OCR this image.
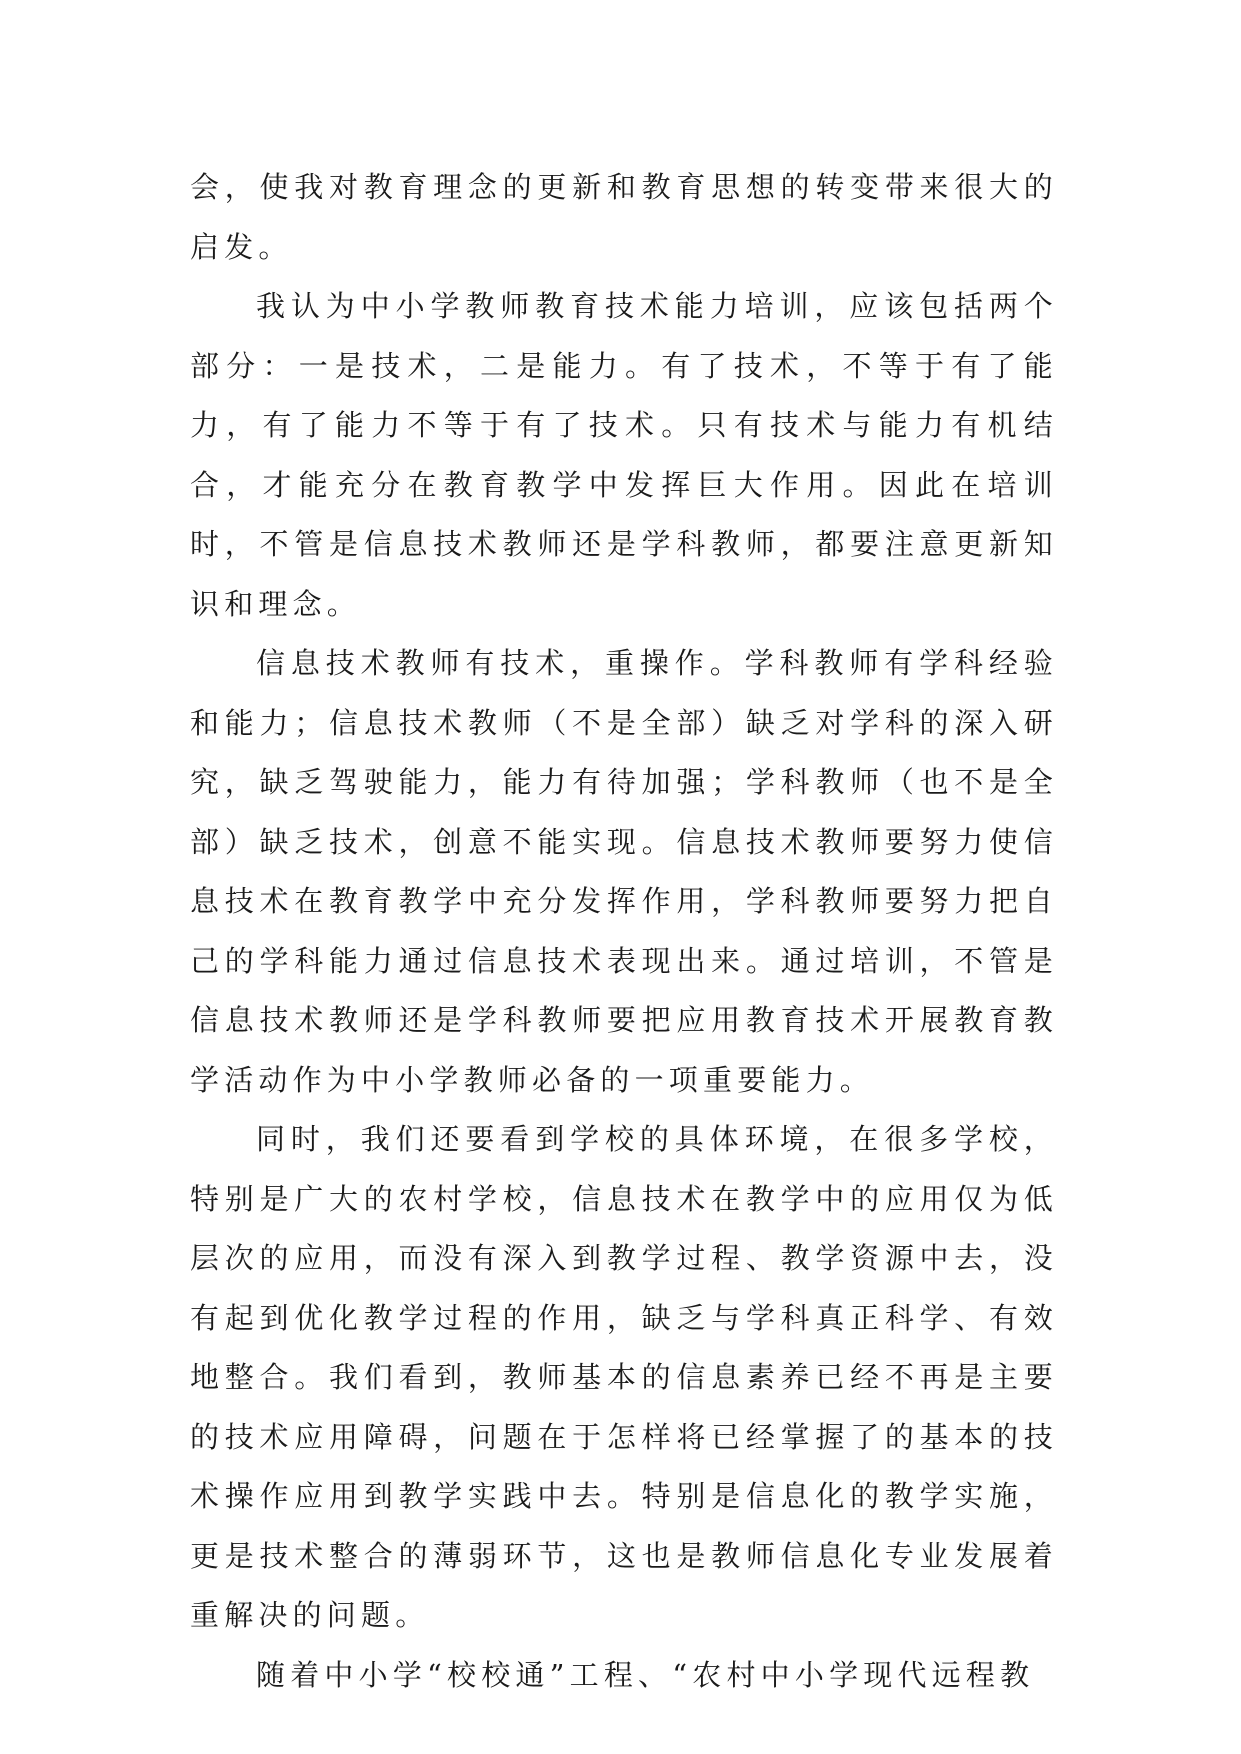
会，使我对教育理念的更新和教育思想的转变带来很大的启发。

我认为中小学教师教育技术能力培训，应该包括两个部分：一是技术，二是能力。有了技术，不等于有了能力，有了能力不等于有了技术。只有技术与能力有机结合，才能充分在教育教学中发挥巨大作用。因此在培训时，不管是信息技术教师还是学科教师，都要注意更新知识和理念。

信息技术教师有技术，重操作。学科教师有学科经验和能力；信息技术教师（不是全部）缺乏对学科的深入研究，缺乏驾驶能力，能力有待加强；学科教师（也不是全部）缺乏技术，创意不能实现。信息技术教师要努力使信息技术在教育教学中充分发挥作用，学科教师要努力把自己的学科能力通过信息技术表现出来。通过培训，不管是信息技术教师还是学科教师要把应用教育技术开展教育教学活动作为中小学教师必备的一项重要能力。

同时，我们还要看到学校的具体环境，在很多学校，特别是广大的农村学校，信息技术在教学中的应用仅为低层次的应用，而没有深入到教学过程、教学资源中去，没有起到优化教学过程的作用，缺乏与学科真正科学、有效地整合。我们看到，教师基本的信息素养已经不再是主要的技术应用障碍，问题在于怎样将已经掌握了的基本的技术操作应用到教学实践中去。特别是信息化的教学实施，更是技术整合的薄弱环节，这也是教师信息化专业发展着重解决的问题。

随着中小学“校校通”工程、“农村中小学现代远程教
